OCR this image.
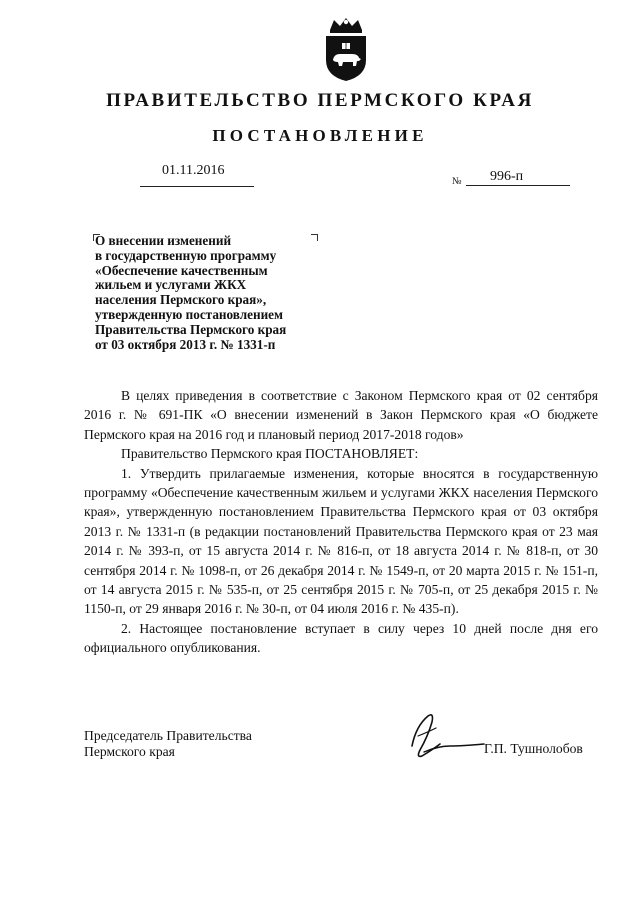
ПРАВИТЕЛЬСТВО ПЕРМСКОГО КРАЯ
ПОСТАНОВЛЕНИЕ
01.11.2016
№ 996-п
О внесении изменений
в государственную программу
«Обеспечение качественным
жильем и услугами ЖКХ
населения Пермского края»,
утвержденную постановлением
Правительства Пермского края
от 03 октября 2013 г. № 1331-п

В целях приведения в соответствие с Законом Пермского края от 02 сентября 2016 г. № 691-ПК «О внесении изменений в Закон Пермского края «О бюджете Пермского края на 2016 год и плановый период 2017-2018 годов»

Правительство Пермского края ПОСТАНОВЛЯЕТ:

1. Утвердить прилагаемые изменения, которые вносятся в государственную программу «Обеспечение качественным жильем и услугами ЖКХ населения Пермского края», утвержденную постановлением Правительства Пермского края от 03 октября 2013 г. № 1331-п (в редакции постановлений Правительства Пермского края от 23 мая 2014 г. № 393-п, от 15 августа 2014 г. № 816-п, от 18 августа 2014 г. № 818-п, от 30 сентября 2014 г. № 1098-п, от 26 декабря 2014 г. № 1549-п, от 20 марта 2015 г. № 151-п, от 14 августа 2015 г. № 535-п, от 25 сентября 2015 г. № 705-п, от 25 декабря 2015 г. № 1150-п, от 29 января 2016 г. № 30-п, от 04 июля 2016 г. № 435-п).

2. Настоящее постановление вступает в силу через 10 дней после дня его официального опубликования.

Председатель Правительства
Пермского края	Г.П. Тушнолобов
